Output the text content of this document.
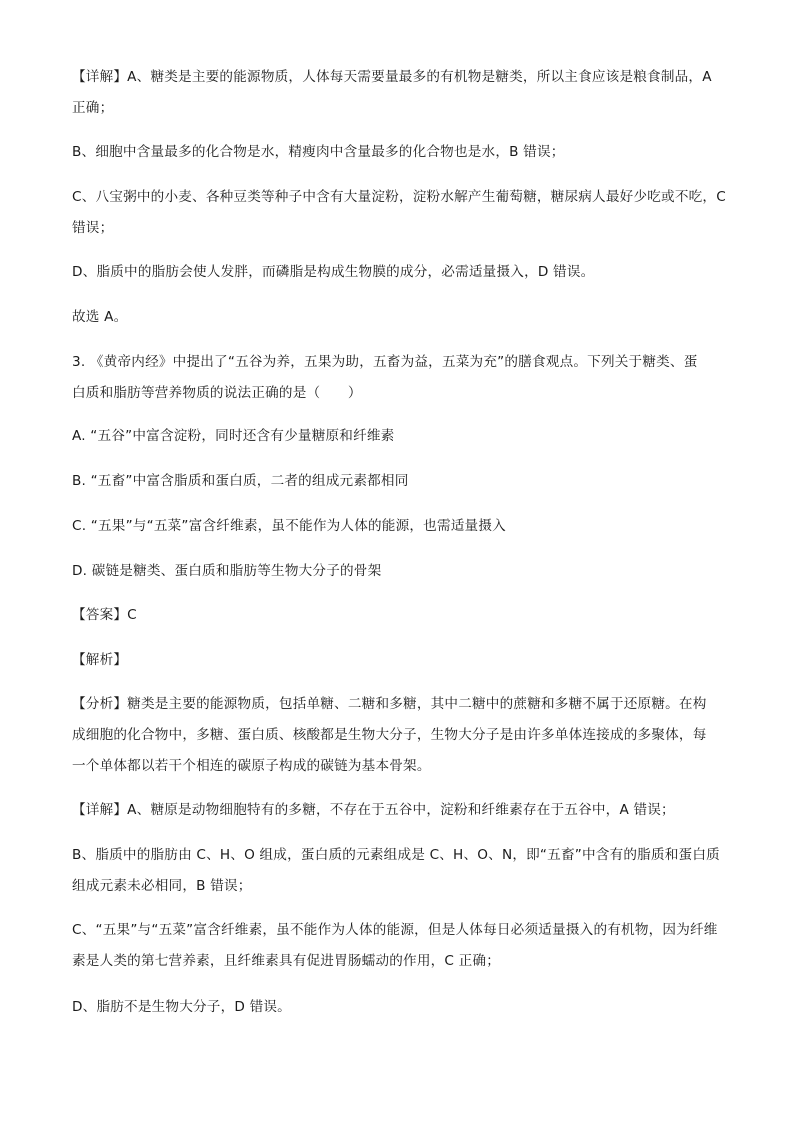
【详解】A、糖类是主要的能源物质，人体每天需要量最多的有机物是糖类，所以主食应该是粮食制品，A

正确；

B、细胞中含量最多的化合物是水，精瘦肉中含量最多的化合物也是水，B 错误；

C、八宝粥中的小麦、各种豆类等种子中含有大量淀粉，淀粉水解产生葡萄糖，糖尿病人最好少吃或不吃，C

错误；

D、脂质中的脂肪会使人发胖，而磷脂是构成生物膜的成分，必需适量摄入，D 错误。

故选 A。

3. 《黄帝内经》中提出了“五谷为养，五果为助，五畜为益，五菜为充”的膳食观点。下列关于糖类、蛋

白质和脂肪等营养物质的说法正确的是（　　）

A. “五谷”中富含淀粉，同时还含有少量糖原和纤维素

B. “五畜”中富含脂质和蛋白质，二者的组成元素都相同

C. “五果”与“五菜”富含纤维素，虽不能作为人体的能源，也需适量摄入

D. 碳链是糖类、蛋白质和脂肪等生物大分子的骨架

【答案】C

【解析】

【分析】糖类是主要的能源物质，包括单糖、二糖和多糖，其中二糖中的蔗糖和多糖不属于还原糖。在构

成细胞的化合物中，多糖、蛋白质、核酸都是生物大分子，生物大分子是由许多单体连接成的多聚体，每

一个单体都以若干个相连的碳原子构成的碳链为基本骨架。

【详解】A、糖原是动物细胞特有的多糖，不存在于五谷中，淀粉和纤维素存在于五谷中，A 错误；

B、脂质中的脂肪由 C、H、O 组成，蛋白质的元素组成是 C、H、O、N，即“五畜”中含有的脂质和蛋白质

组成元素未必相同，B 错误；

C、“五果”与“五菜”富含纤维素，虽不能作为人体的能源，但是人体每日必须适量摄入的有机物，因为纤维

素是人类的第七营养素，且纤维素具有促进胃肠蠕动的作用，C 正确；

D、脂肪不是生物大分子，D 错误。
